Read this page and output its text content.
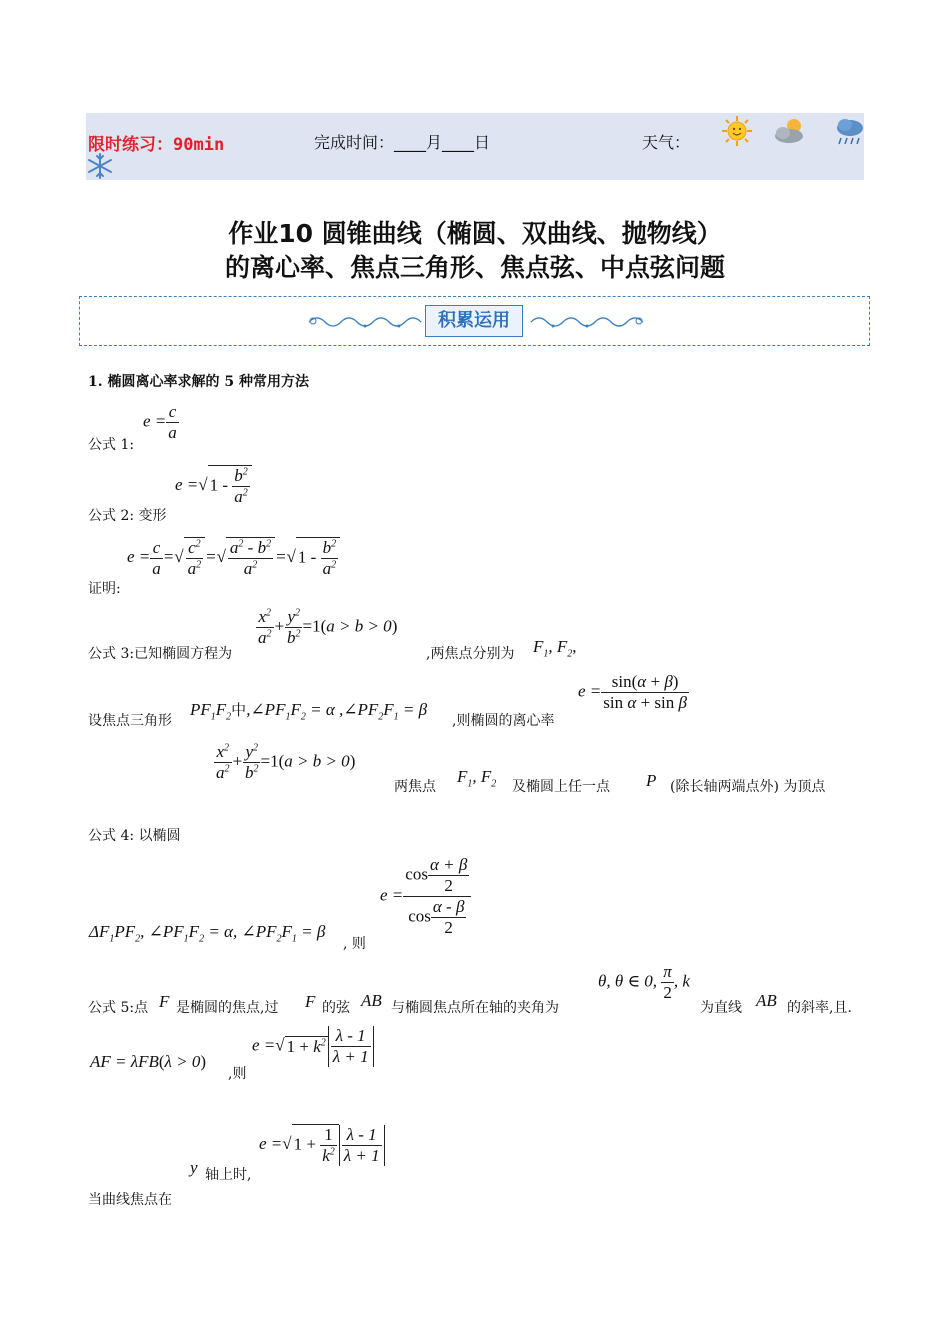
限时练习：90min	完成时间：____月____日	天气：
作业10 圆锥曲线（椭圆、双曲线、抛物线）
的离心率、焦点三角形、焦点弦、中点弦问题
积累运用
1. 椭圆离心率求解的 5 种常用方法
公式 1:
$e = \frac{c}{a}$
公式 2: 变形
e =√ $1 - \frac{b^2}{a^2}$
证明:
$e = \frac{c}{a}$ =√ $\frac{c^2}{a^2}$ =√ $\frac{a^2 - b^2}{a^2}$ =√ $1 - \frac{b^2}{a^2}$
公式 3:已知椭圆方程为
$\frac{x^2}{a^2} + \frac{y^2}{b^2} =1(a > b > 0)$
,两焦点分别为 $F_1$, $F_2$,
设焦点三角形
$PF_1F_2$中$,\angle PF_1F_2 = \alpha$ $,\angle PF_2F_1 = \beta$
,则椭圆的离心率
$e = \frac{\sin(\alpha + \beta)}{\text{sin α + sin β}}$
$\frac{x^2}{a^2} + \frac{y^2}{b^2} =1(a > b > 0)$
两焦点
$F_1$, $F_2$ 及椭圆上任一点 P (除长轴两端点外) 为顶点
公式 4: 以椭圆
$e = \frac{\cos \frac{\alpha + \beta}{2}}{\cos \frac{\alpha - \beta}{2}}$
$\Delta F_1PF_2$, $\angle PF_1F_2 = \alpha$, $\angle PF_2F_1 = \beta$
, 则
公式 5:点 F 是椭圆的焦点,过 F 的弦 AB 与椭圆焦点所在轴的夹角为
θ, θ ∈ 0, $\frac{\pi}{2}$ , k
为直线 AB 的斜率,且.
AF = λFB(λ > 0)
,则
e =√ $1 + k^2 \frac{\lambda - 1}{\lambda + 1}$
e =√ $1 + \frac{1}{k^2} \frac{\lambda - 1}{\lambda + 1}$
y 轴上时,
当曲线焦点在
